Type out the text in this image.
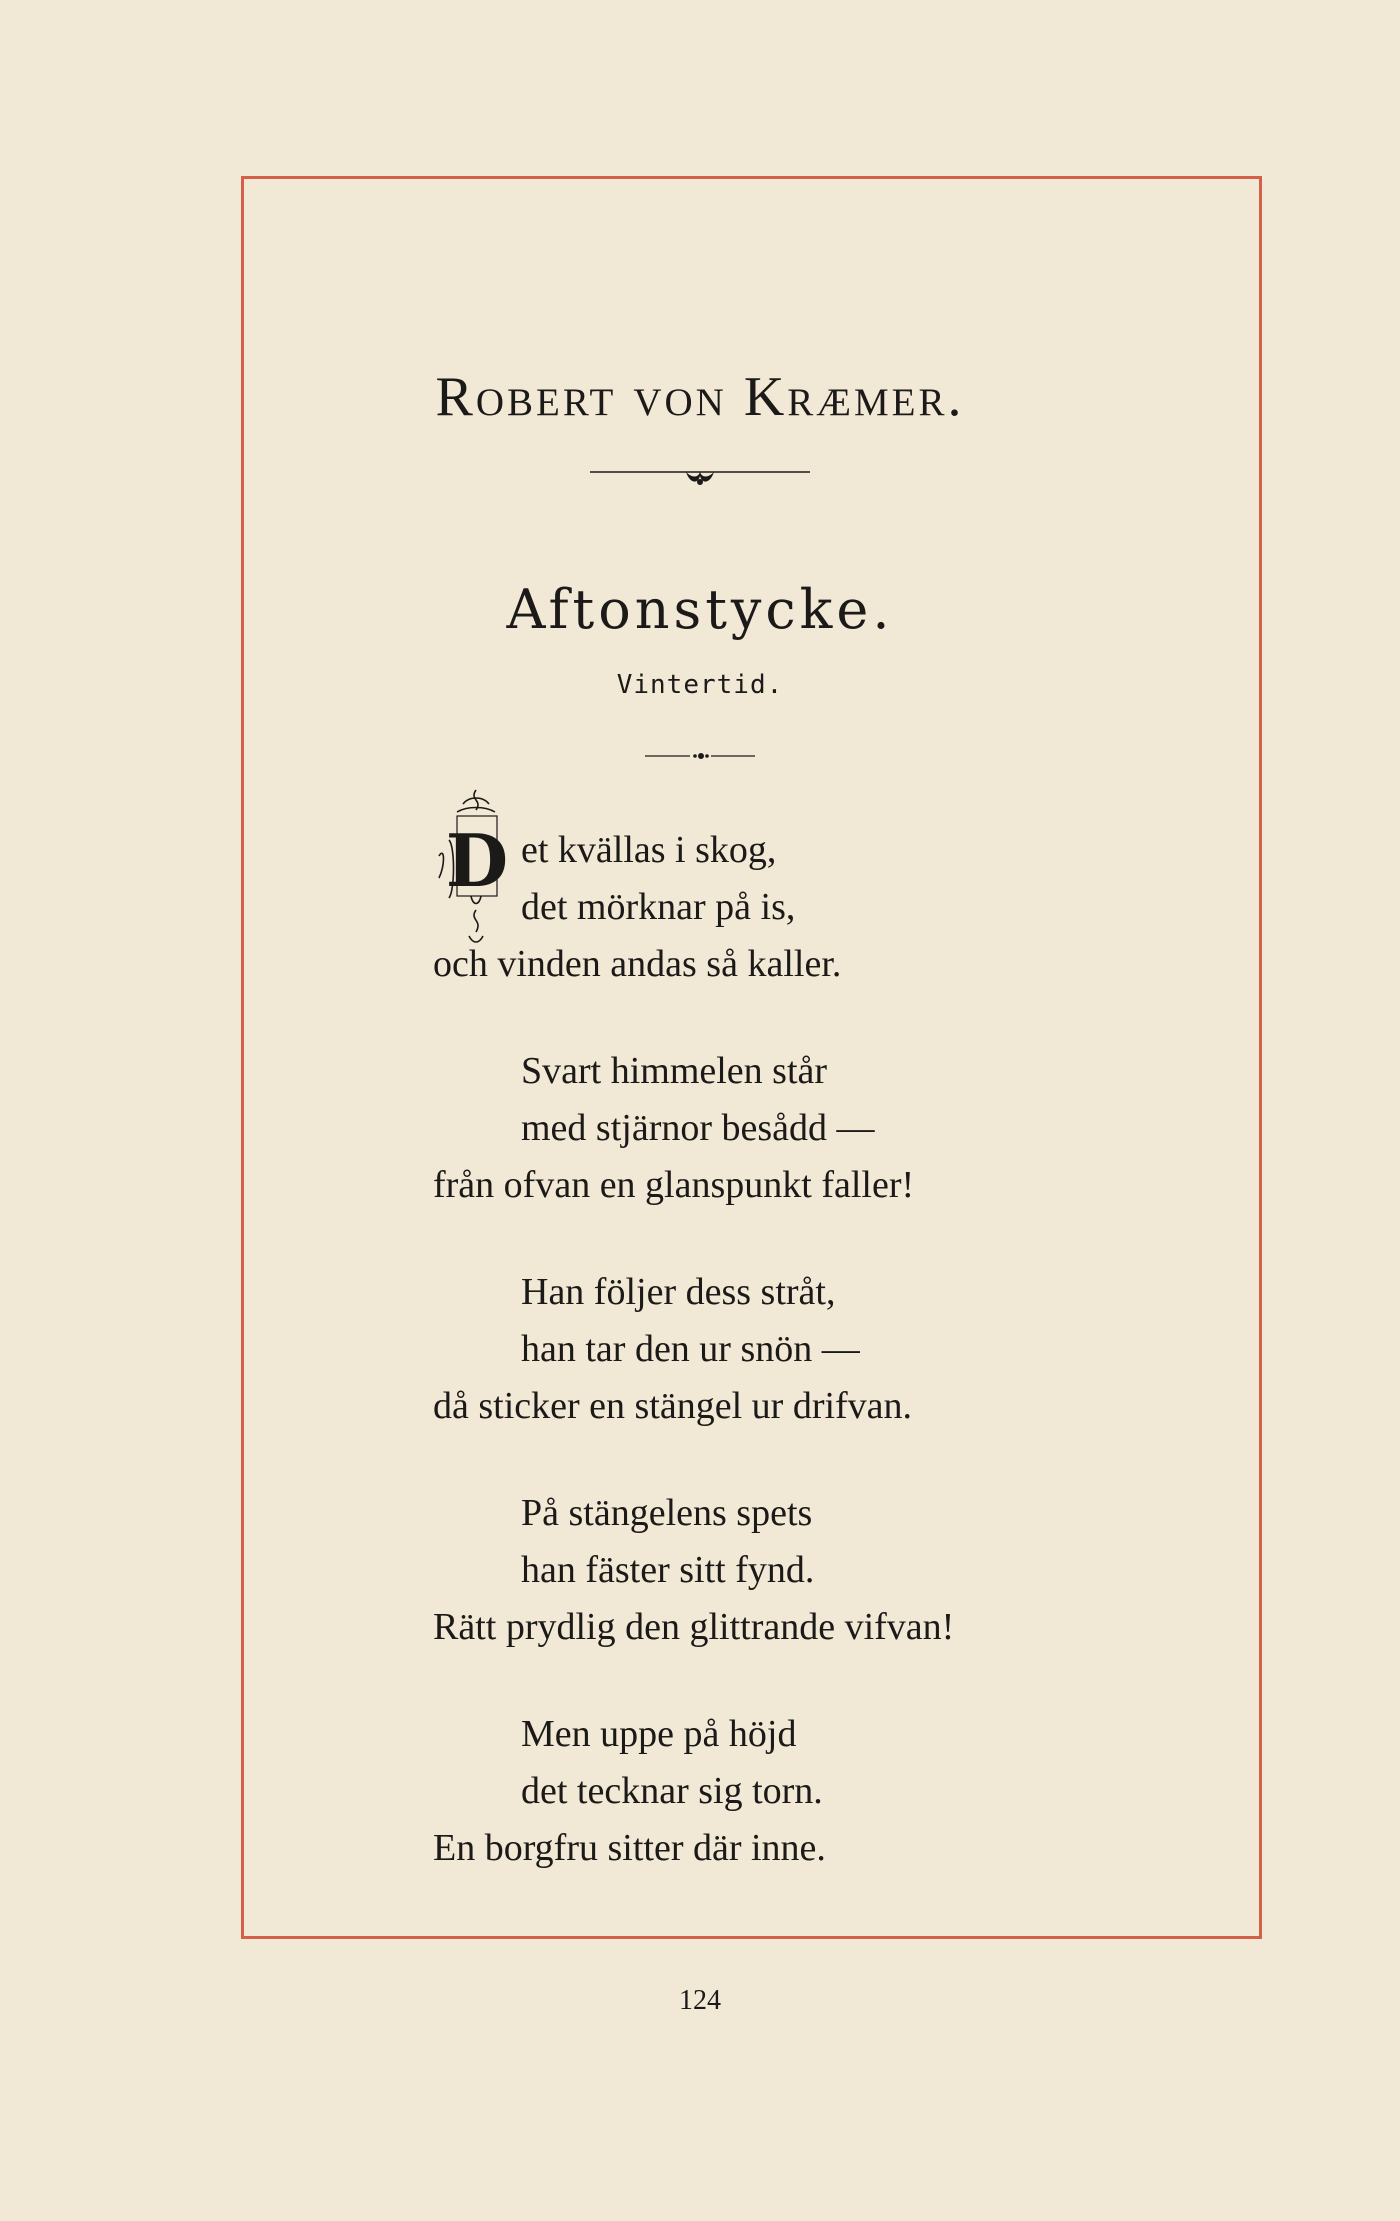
Robert von Kræmer.
Aftonstycke.
Vintertid.
D et kvällas i skog,
det mörknar på is,
och vinden andas så kaller.
Svart himmelen står
med stjärnor besådd —
från ofvan en glanspunkt faller!
Han följer dess stråt,
han tar den ur snön —
då sticker en stängel ur drifvan.
På stängelens spets
han fäster sitt fynd.
Rätt prydlig den glittrande vifvan!
Men uppe på höjd
det tecknar sig torn.
En borgfru sitter där inne.
124
